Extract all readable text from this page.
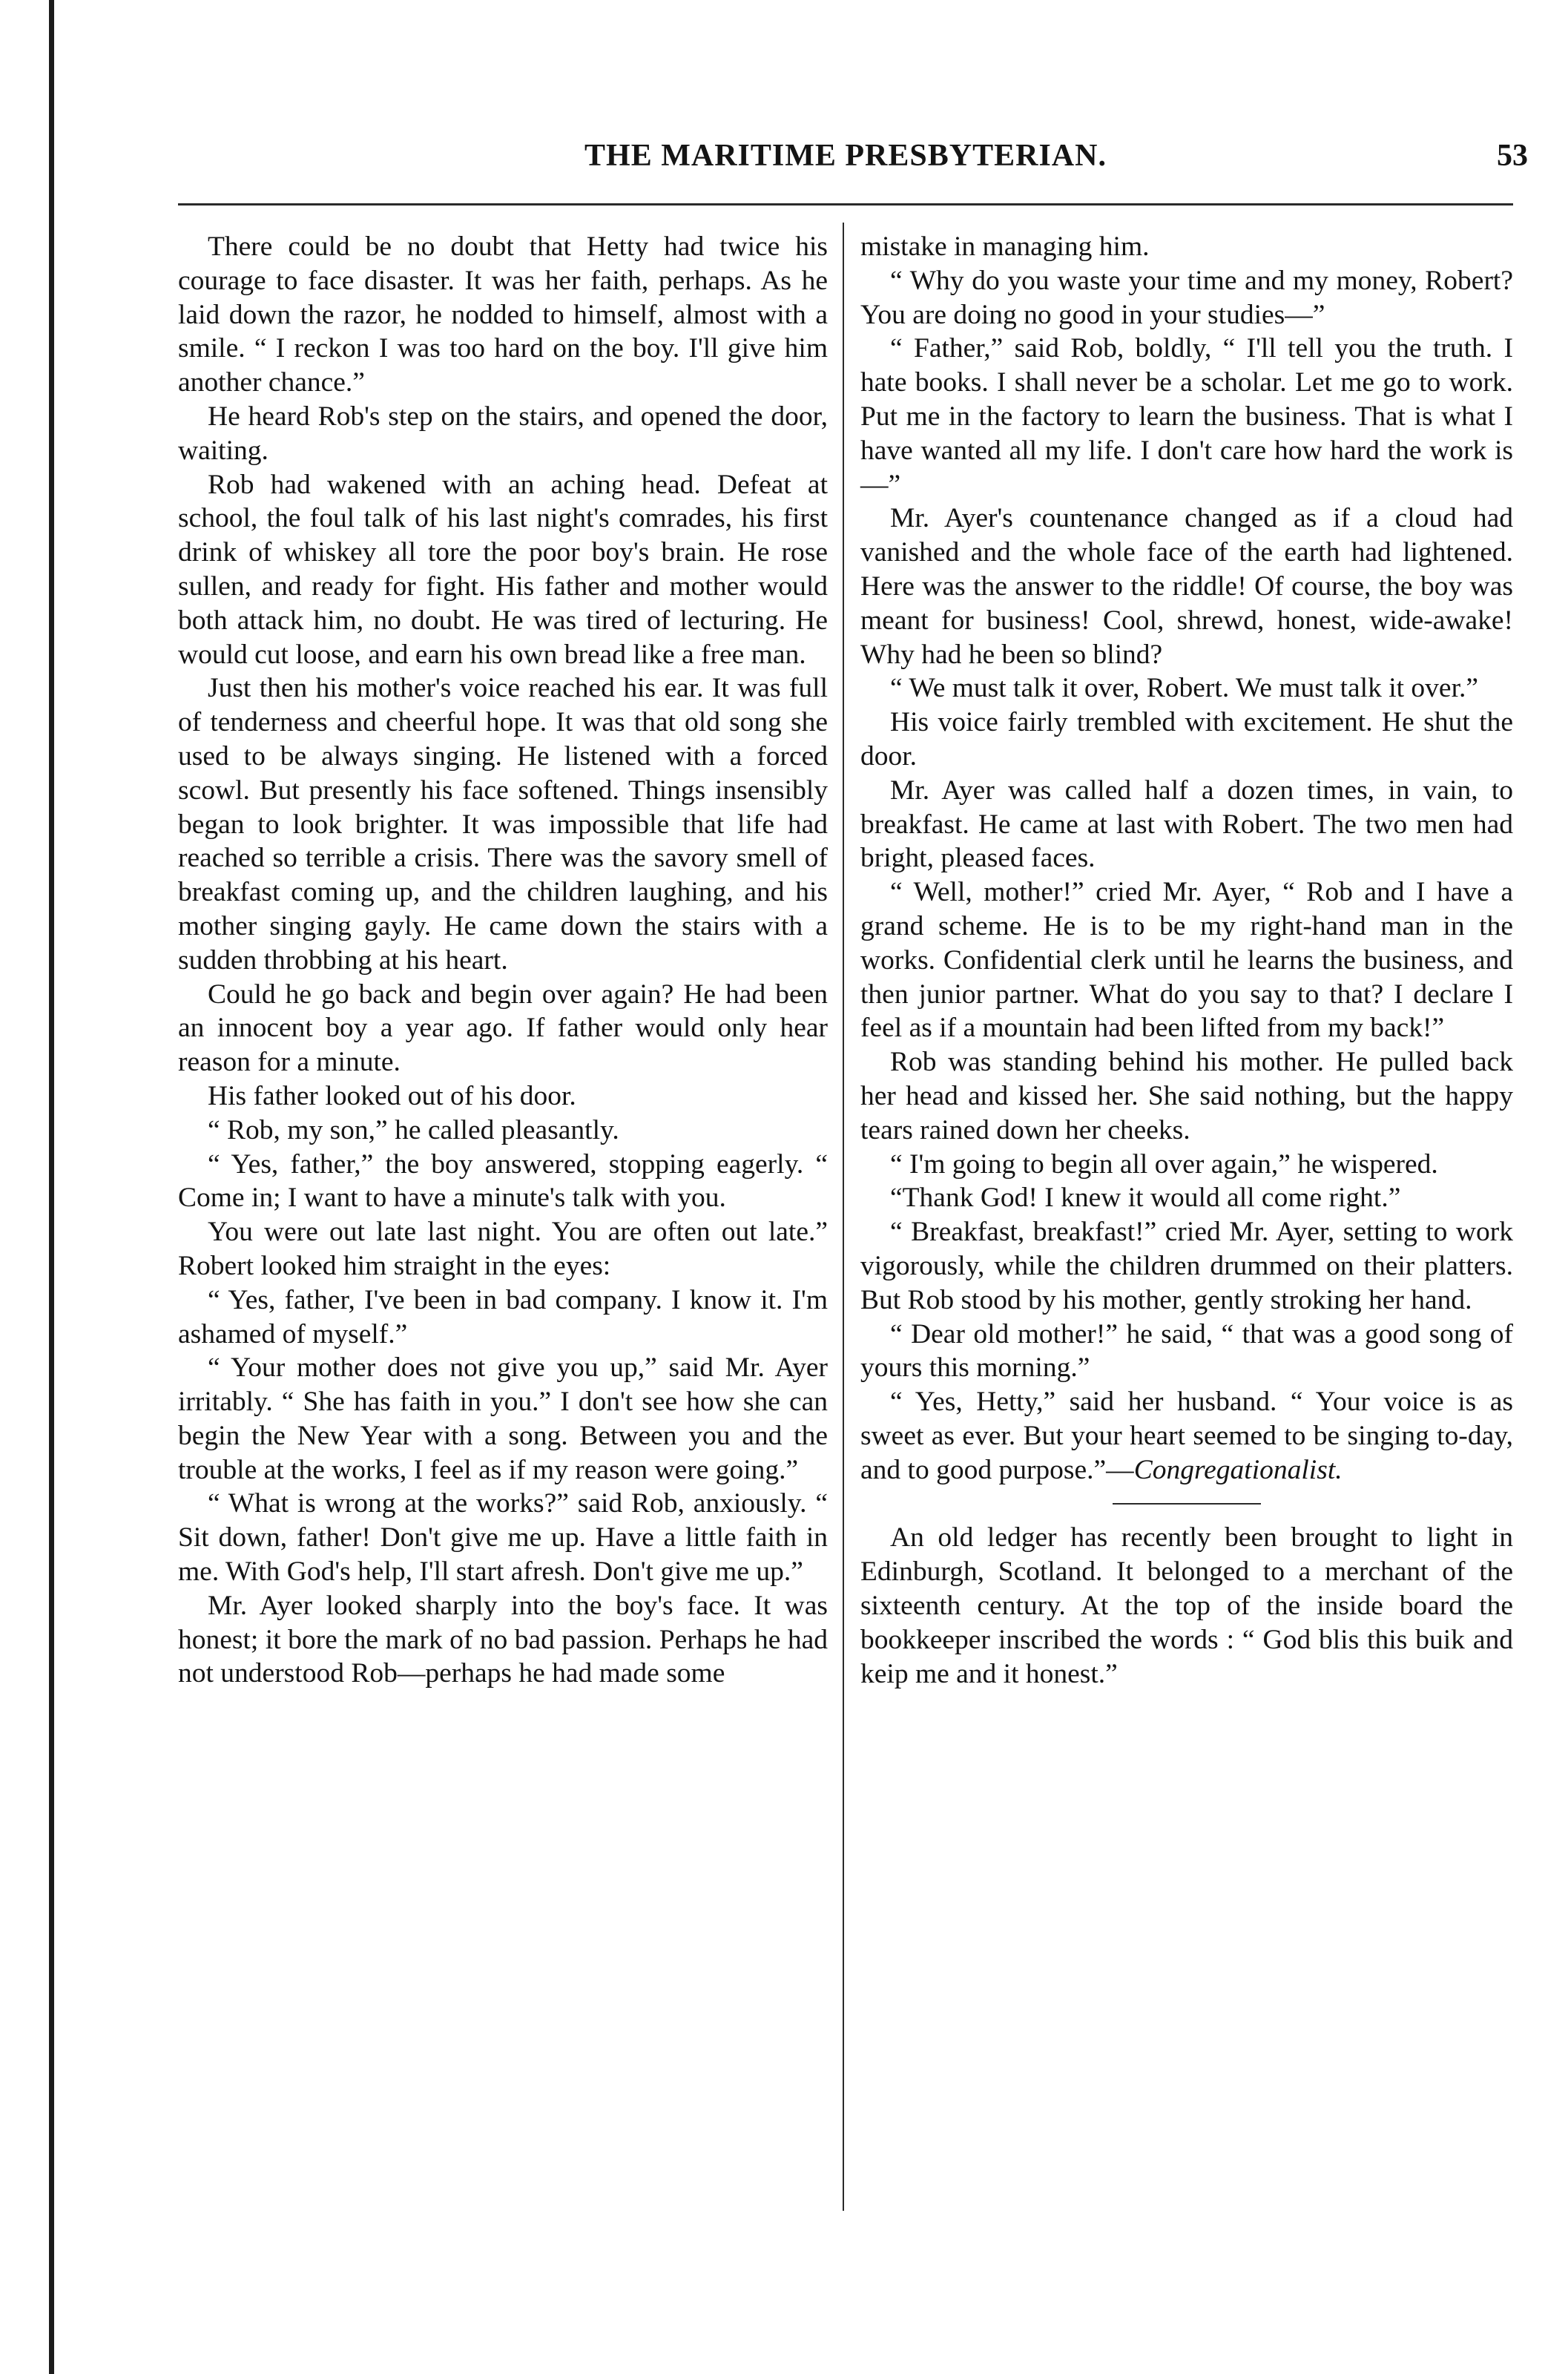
THE MARITIME PRESBYTERIAN.	53

There could be no doubt that Hetty had twice his courage to face disaster. It was her faith, perhaps. As he laid down the razor, he nodded to himself, almost with a smile. “ I reckon I was too hard on the boy. I'll give him another chance.”

He heard Rob's step on the stairs, and opened the door, waiting.

Rob had wakened with an aching head. Defeat at school, the foul talk of his last night's comrades, his first drink of whiskey all tore the poor boy's brain. He rose sullen, and ready for fight. His father and mother would both attack him, no doubt. He was tired of lecturing. He would cut loose, and earn his own bread like a free man.

Just then his mother's voice reached his ear. It was full of tenderness and cheerful hope. It was that old song she used to be always singing. He listened with a forced scowl. But presently his face softened. Things insensibly began to look brighter. It was impossible that life had reached so terrible a crisis. There was the savory smell of breakfast coming up, and the children laughing, and his mother singing gayly. He came down the stairs with a sudden throbbing at his heart.

Could he go back and begin over again? He had been an innocent boy a year ago. If father would only hear reason for a minute.

His father looked out of his door.

“ Rob, my son,” he called pleasantly.

“ Yes, father,” the boy answered, stopping eagerly. “ Come in; I want to have a minute's talk with you.

You were out late last night. You are often out late.” Robert looked him straight in the eyes:

“ Yes, father, I've been in bad company. I know it. I'm ashamed of myself.”

“ Your mother does not give you up,” said Mr. Ayer irritably. “ She has faith in you.” I don't see how she can begin the New Year with a song. Between you and the trouble at the works, I feel as if my reason were going.”

“ What is wrong at the works?” said Rob, anxiously. “ Sit down, father! Don't give me up. Have a little faith in me. With God's help, I'll start afresh. Don't give me up.”

Mr. Ayer looked sharply into the boy's face. It was honest; it bore the mark of no bad passion. Perhaps he had not understood Rob—perhaps he had made some

mistake in managing him.

“ Why do you waste your time and my money, Robert? You are doing no good in your studies—”

“ Father,” said Rob, boldly, “ I'll tell you the truth. I hate books. I shall never be a scholar. Let me go to work. Put me in the factory to learn the business. That is what I have wanted all my life. I don't care how hard the work is—”

Mr. Ayer's countenance changed as if a cloud had vanished and the whole face of the earth had lightened. Here was the answer to the riddle! Of course, the boy was meant for business! Cool, shrewd, honest, wide-awake! Why had he been so blind?

“ We must talk it over, Robert. We must talk it over.”

His voice fairly trembled with excitement. He shut the door.

Mr. Ayer was called half a dozen times, in vain, to breakfast. He came at last with Robert. The two men had bright, pleased faces.

“ Well, mother!” cried Mr. Ayer, “ Rob and I have a grand scheme. He is to be my right-hand man in the works. Confidential clerk until he learns the business, and then junior partner. What do you say to that? I declare I feel as if a mountain had been lifted from my back!”

Rob was standing behind his mother. He pulled back her head and kissed her. She said nothing, but the happy tears rained down her cheeks.

“ I'm going to begin all over again,” he wispered.

“Thank God! I knew it would all come right.”

“ Breakfast, breakfast!” cried Mr. Ayer, setting to work vigorously, while the children drummed on their platters. But Rob stood by his mother, gently stroking her hand.

“ Dear old mother!” he said, “ that was a good song of yours this morning.”

“ Yes, Hetty,” said her husband. “ Your voice is as sweet as ever. But your heart seemed to be singing to-day, and to good purpose.”—Congregationalist.

An old ledger has recently been brought to light in Edinburgh, Scotland. It belonged to a merchant of the sixteenth century. At the top of the inside board the bookkeeper inscribed the words : “ God blis this buik and keip me and it honest.”
